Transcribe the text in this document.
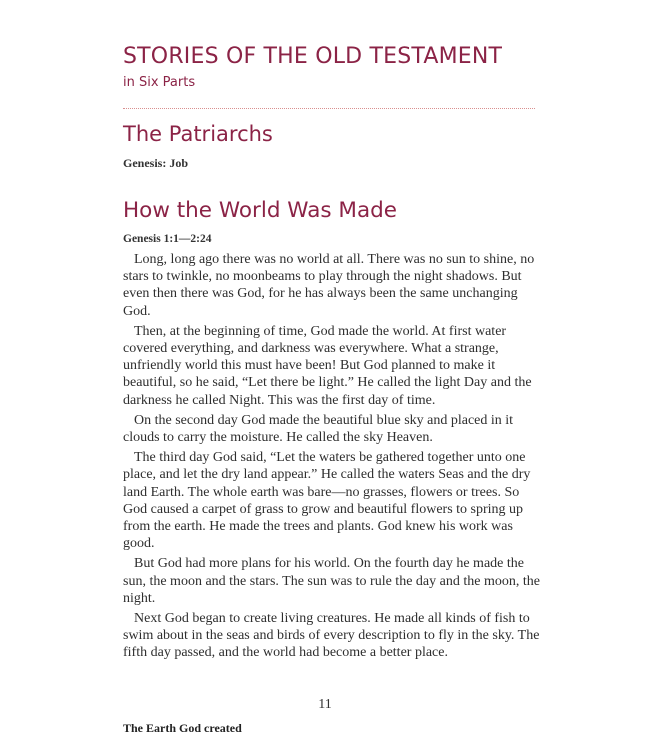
STORIES OF THE OLD TESTAMENT
in Six Parts
The Patriarchs
Genesis: Job
How the World Was Made
Genesis 1:1—2:24

Long, long ago there was no world at all. There was no sun to shine, no stars to twinkle, no moonbeams to play through the night shadows. But even then there was God, for he has always been the same unchanging God.

Then, at the beginning of time, God made the world. At first water covered everything, and darkness was everywhere. What a strange, unfriendly world this must have been! But God planned to make it beautiful, so he said, “Let there be light.” He called the light Day and the darkness he called Night. This was the first day of time.

On the second day God made the beautiful blue sky and placed in it clouds to carry the moisture. He called the sky Heaven.

The third day God said, “Let the waters be gathered together unto one place, and let the dry land appear.” He called the waters Seas and the dry land Earth. The whole earth was bare—no grasses, flowers or trees. So God caused a carpet of grass to grow and beautiful flowers to spring up from the earth. He made the trees and plants. God knew his work was good.

But God had more plans for his world. On the fourth day he made the sun, the moon and the stars. The sun was to rule the day and the moon, the night.

Next God began to create living creatures. He made all kinds of fish to swim about in the seas and birds of every description to fly in the sky. The fifth day passed, and the world had become a better place.

11
The Earth God created
